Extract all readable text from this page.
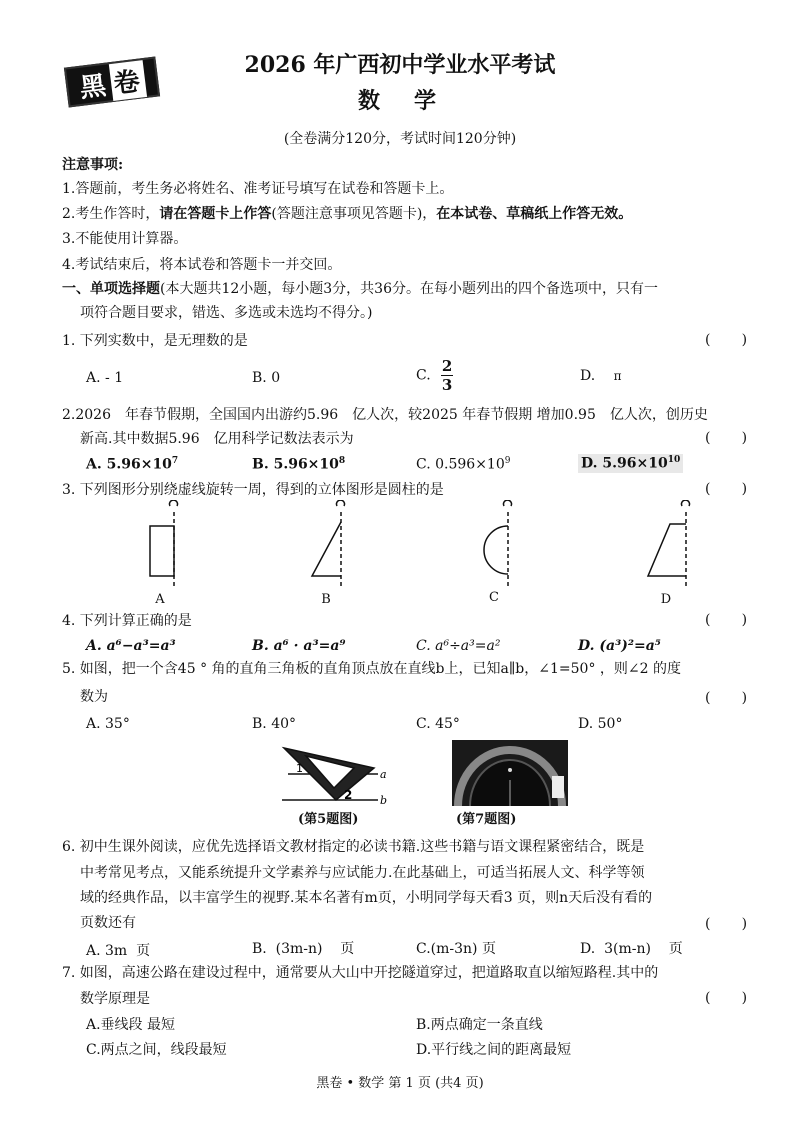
黑 卷
2026 年广西初中学业水平考试
数　学
(全卷满分120分，考试时间120分钟)
注意事项:
1.答题前，考生务必将姓名、准考证号填写在试卷和答题卡上。
2.考生作答时，请在答题卡上作答(答题注意事项见答题卡)，在本试卷、草稿纸上作答无效。
3.不能使用计算器。
4.考试结束后，将本试卷和答题卡一并交回。
一、单项选择题(本大题共12小题，每小题3分，共36分。在每小题列出的四个备选项中，只有一
项符合题目要求，错选、多选或未选均不得分。)
1. 下列实数中，是无理数的是	(       )
A. - 1	B. 0	C. $\frac{2}{3}$	D. π
2.2026　年春节假期，全国国内出游约5.96　亿人次，较2025 年春节假期 增加0.95　亿人次，创历史
新高.其中数据5.96　亿用科学记数法表示为	(       )
A. $5.96\times 10^7$	B. $5.96\times 10^8$	C. $0.596\times 10^9$	D. $5.96\times 10^{10}$
3. 下列图形分别绕虚线旋转一周，得到的立体图形是圆柱的是	(       )
A	B	C	D
4. 下列计算正确的是	(       )
A. a⁶−a³=a³	B. a⁶ · a³=a⁹	C. a⁶÷a³=a²	D. (a³)²=a⁵
5. 如图，把一个含45 ° 角的直角三角板的直角顶点放在直线b上，已知a∥b，∠1=50° ，则∠2 的度
数为	(       )
A. 35°	B. 40°	C. 45°	D. 50°
1
2
a
b
(第5题图)	(第7题图)
6. 初中生课外阅读，应优先选择语文教材指定的必读书籍.这些书籍与语文课程紧密结合，既是
中考常见考点，又能系统提升文学素养与应试能力.在此基础上，可适当拓展人文、科学等领
域的经典作品，以丰富学生的视野.某本名著有m页，小明同学每天看3 页，则n天后没有看的
页数还有	(       )
A. 3m  页	B.  (3m-n)    页	C.(m-3n) 页	D.  3(m-n)    页
7. 如图，高速公路在建设过程中，通常要从大山中开挖隧道穿过，把道路取直以缩短路程.其中的
数学原理是	(       )
A.垂线段 最短	B.两点确定一条直线
C.两点之间，线段最短	D.平行线之间的距离最短
黑卷 • 数学 第 1 页 (共4 页)
